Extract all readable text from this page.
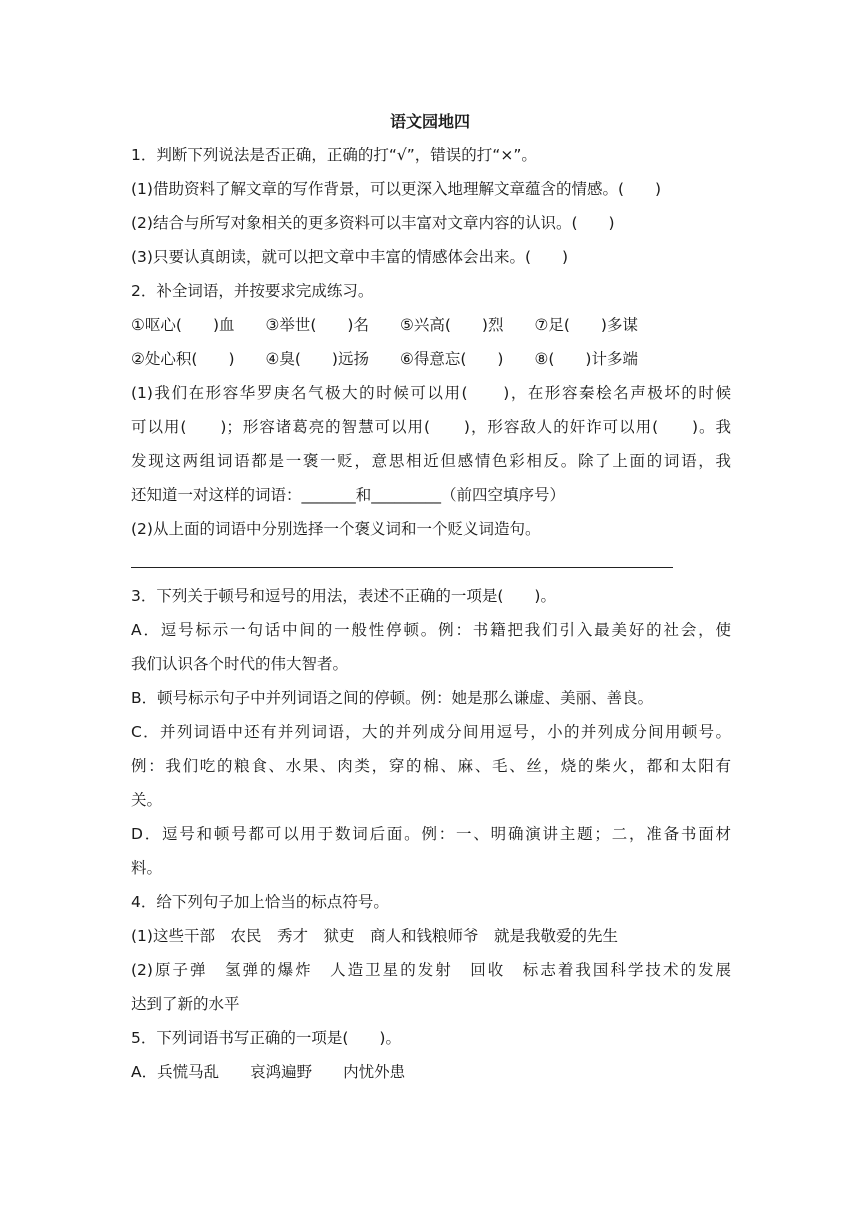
语文园地四
1．判断下列说法是否正确，正确的打“√”，错误的打“×”。
(1)借助资料了解文章的写作背景，可以更深入地理解文章蕴含的情感。(　　)
(2)结合与所写对象相关的更多资料可以丰富对文章内容的认识。(　　)
(3)只要认真朗读，就可以把文章中丰富的情感体会出来。(　　)
2．补全词语，并按要求完成练习。
①呕心(　　)血　　③举世(　　)名　　⑤兴高(　　)烈　　⑦足(　　)多谋
②处心积(　　)　　④臭(　　)远扬　　⑥得意忘(　　)　　⑧(　　)计多端
(1)我们在形容华罗庚名气极大的时候可以用(　　)，在形容秦桧名声极坏的时候
可以用(　　)；形容诸葛亮的智慧可以用(　　)，形容敌人的奸诈可以用(　　)。我
发现这两组词语都是一褒一贬，意思相近但感情色彩相反。除了上面的词语，我
还知道一对这样的词语：_______和_________（前四空填序号）
(2)从上面的词语中分别选择一个褒义词和一个贬义词造句。
3．下列关于顿号和逗号的用法，表述不正确的一项是(　　)。
A．逗号标示一句话中间的一般性停顿。例：书籍把我们引入最美好的社会，使
我们认识各个时代的伟大智者。
B．顿号标示句子中并列词语之间的停顿。例：她是那么谦虚、美丽、善良。
C．并列词语中还有并列词语，大的并列成分间用逗号，小的并列成分间用顿号。
例：我们吃的粮食、水果、肉类，穿的棉、麻、毛、丝，烧的柴火，都和太阳有
关。
D．逗号和顿号都可以用于数词后面。例：一、明确演讲主题；二，准备书面材
料。
4．给下列句子加上恰当的标点符号。
(1)这些干部　农民　秀才　狱吏　商人和钱粮师爷　就是我敬爱的先生
(2)原子弹　氢弹的爆炸　人造卫星的发射　回收　标志着我国科学技术的发展
达到了新的水平
5．下列词语书写正确的一项是(　　)。
A．兵慌马乱　　哀鸿遍野　　内忧外患
